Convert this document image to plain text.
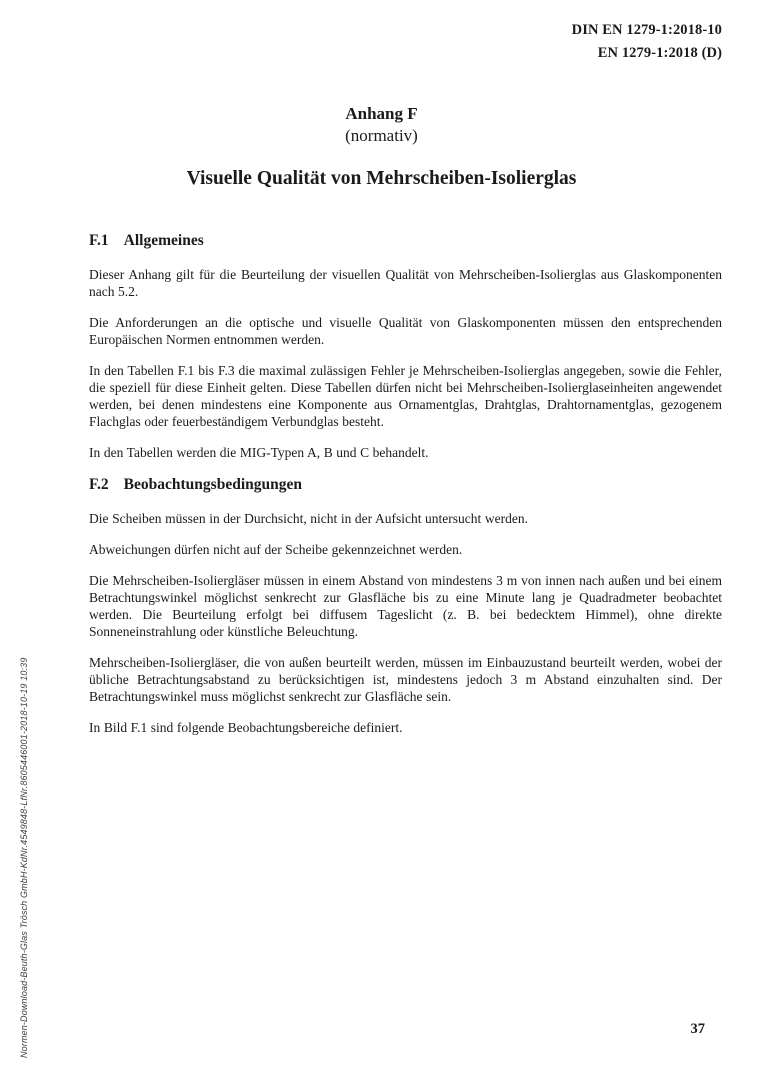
DIN EN 1279-1:2018-10
EN 1279-1:2018 (D)
Anhang F
(normativ)
Visuelle Qualität von Mehrscheiben-Isolierglas
F.1 Allgemeines

Dieser Anhang gilt für die Beurteilung der visuellen Qualität von Mehrscheiben-Isolierglas aus Glaskomponenten nach 5.2.

Die Anforderungen an die optische und visuelle Qualität von Glaskomponenten müssen den entsprechenden Europäischen Normen entnommen werden.

In den Tabellen F.1 bis F.3 die maximal zulässigen Fehler je Mehrscheiben-Isolierglas angegeben, sowie die Fehler, die speziell für diese Einheit gelten. Diese Tabellen dürfen nicht bei Mehrscheiben-Isolierglaseinheiten angewendet werden, bei denen mindestens eine Komponente aus Ornamentglas, Drahtglas, Drahtornamentglas, gezogenem Flachglas oder feuerbeständigem Verbundglas besteht.

In den Tabellen werden die MIG-Typen A, B und C behandelt.

F.2 Beobachtungsbedingungen

Die Scheiben müssen in der Durchsicht, nicht in der Aufsicht untersucht werden.

Abweichungen dürfen nicht auf der Scheibe gekennzeichnet werden.

Die Mehrscheiben-Isoliergläser müssen in einem Abstand von mindestens 3 m von innen nach außen und bei einem Betrachtungswinkel möglichst senkrecht zur Glasfläche bis zu eine Minute lang je Quadradmeter beobachtet werden. Die Beurteilung erfolgt bei diffusem Tageslicht (z. B. bei bedecktem Himmel), ohne direkte Sonneneinstrahlung oder künstliche Beleuchtung.

Mehrscheiben-Isoliergläser, die von außen beurteilt werden, müssen im Einbauzustand beurteilt werden, wobei der übliche Betrachtungsabstand zu berücksichtigen ist, mindestens jedoch 3 m Abstand einzuhalten sind. Der Betrachtungswinkel muss möglichst senkrecht zur Glasfläche sein.

In Bild F.1 sind folgende Beobachtungsbereiche definiert.

Normen-Download-Beuth-Glas Trösch GmbH-KdNr.4549848-LfNr.8605446001-2018-10-19 10:39	37
